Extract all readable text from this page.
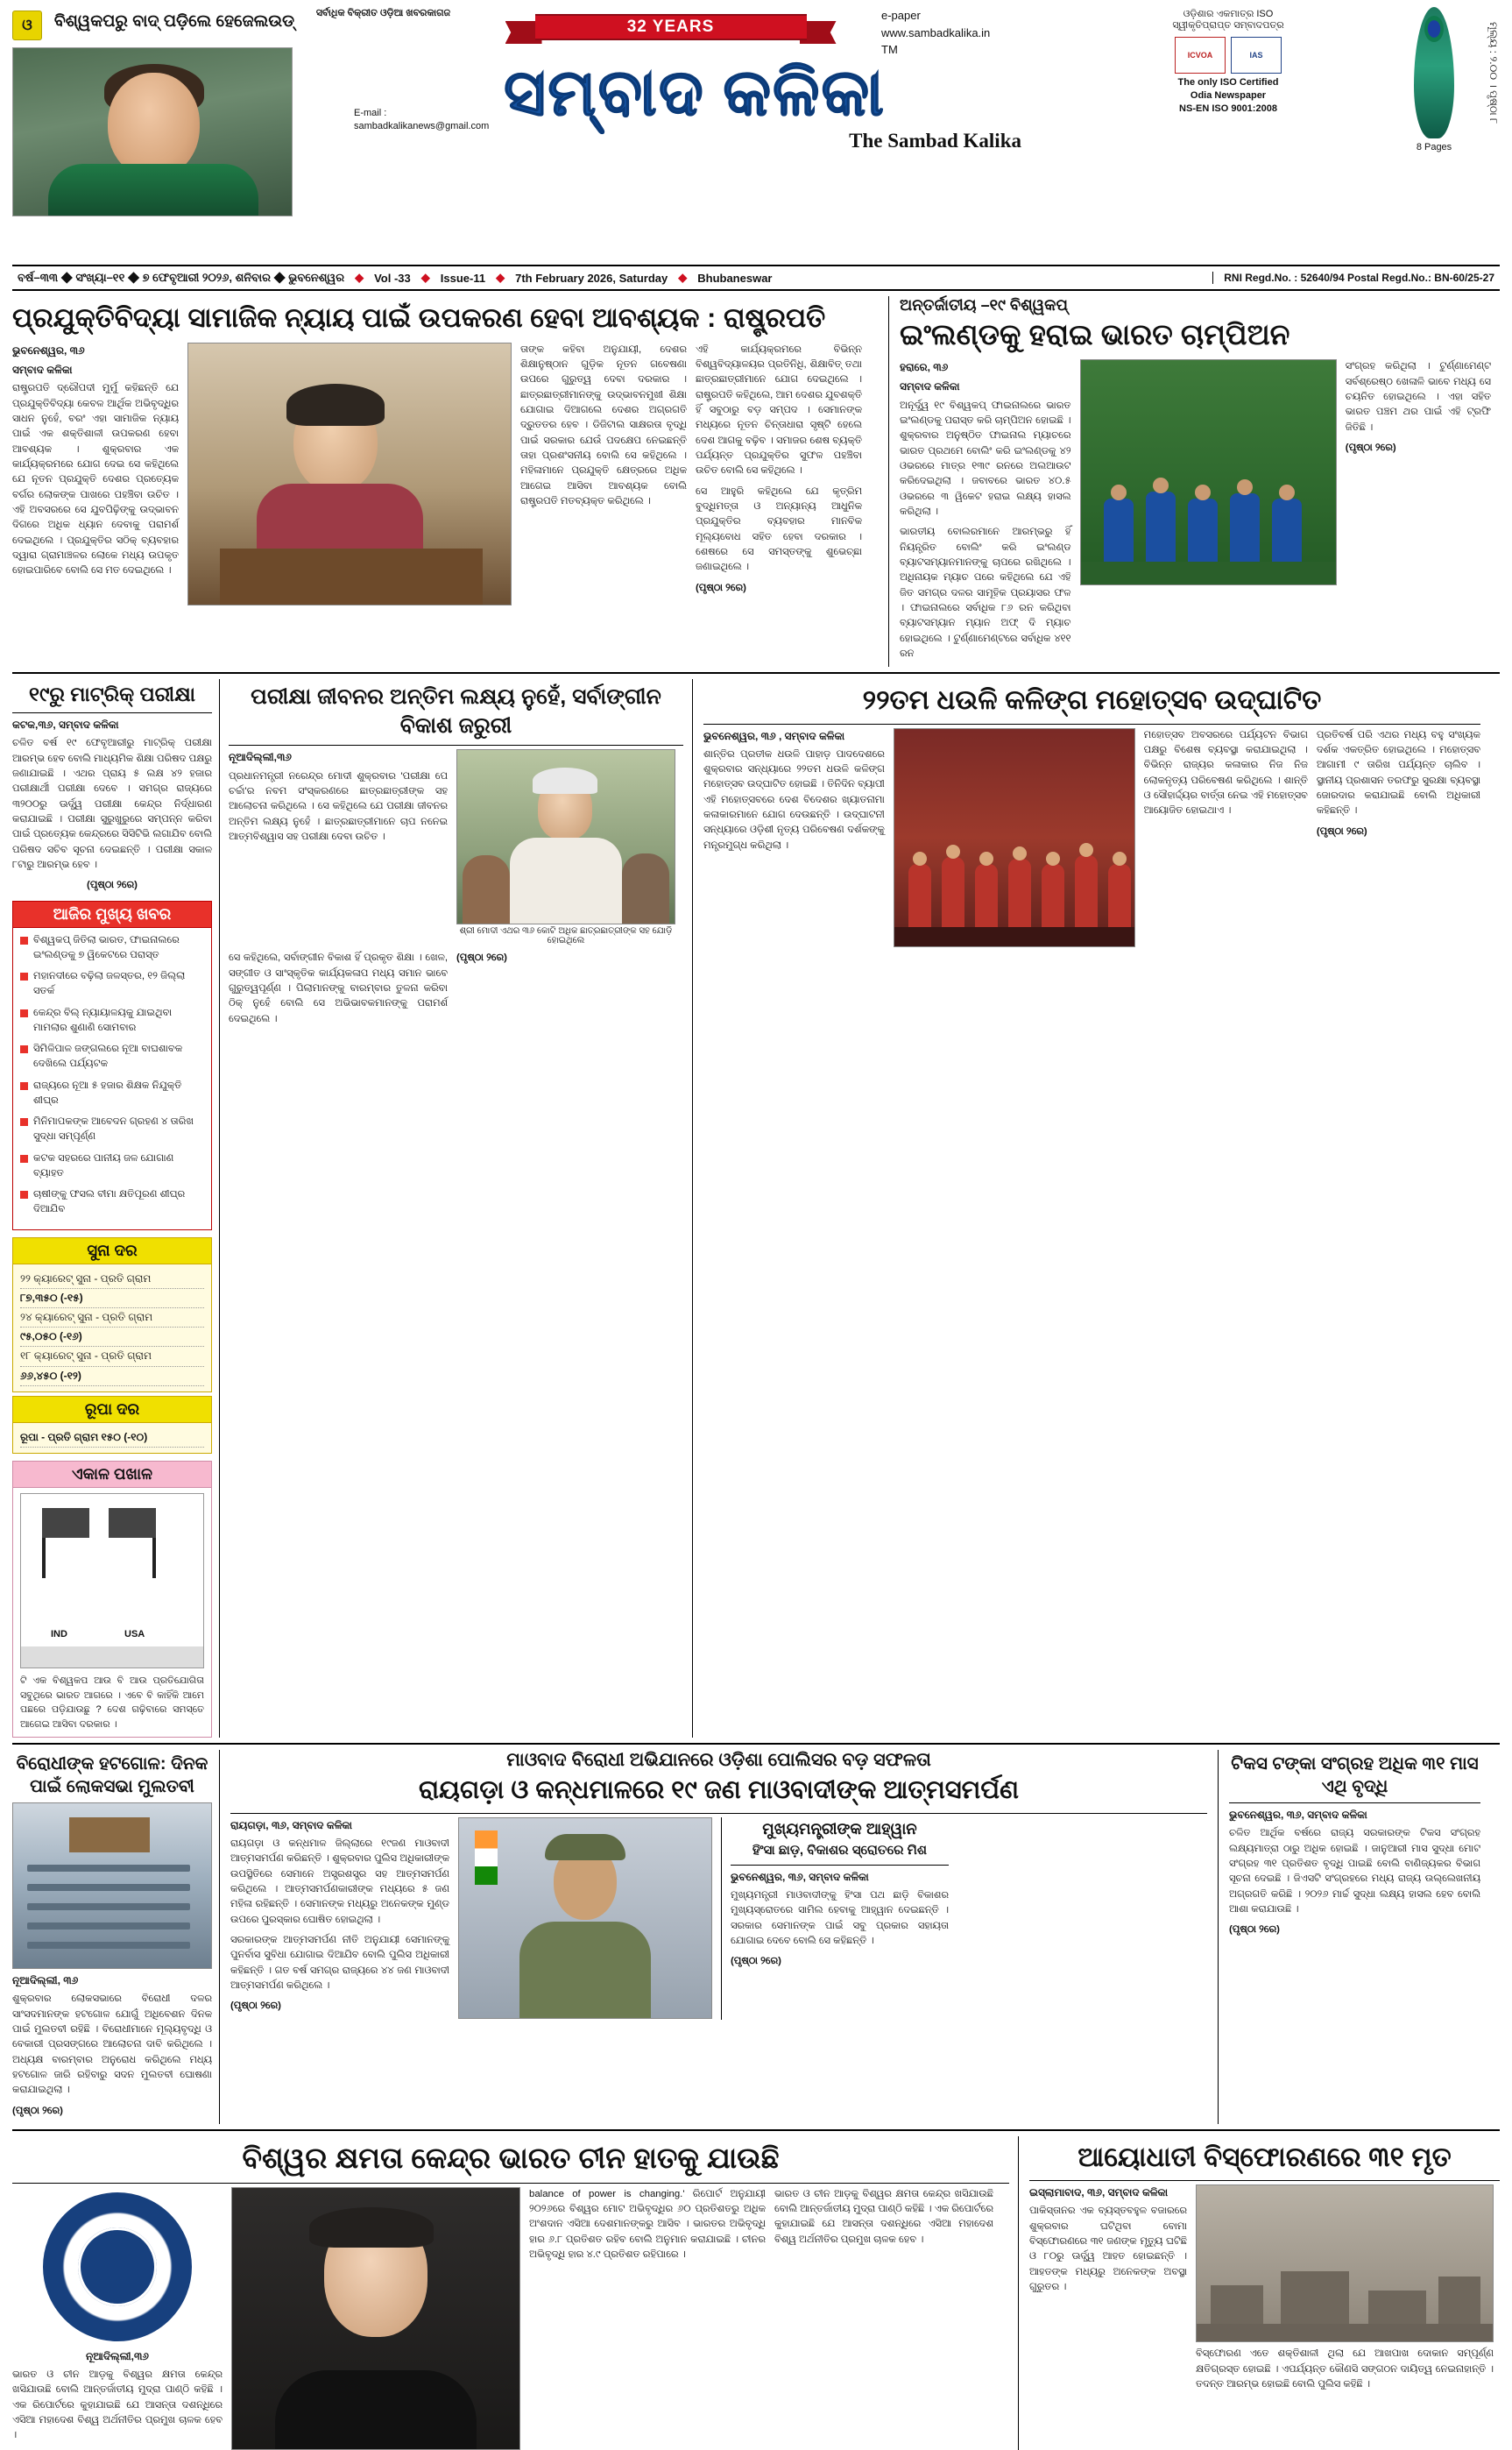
ଓ	ବିଶ୍ୱକପରୁ ବାଦ୍ ପଡ଼ିଲେ ହେଜେଲଉଡ୍	ସର୍ବାଧିକ ବିକ୍ରୀତ ଓଡ଼ିଆ ଖବରକାଗଜ
32 YEARS
e-paper
www.sambadkalika.in
TM
ସମ୍ବାଦ କଳିକା
E-mail :
sambadkalikanews@gmail.com
The Sambad Kalika
ଓଡ଼ିଶାର ଏକମାତ୍ର ISO
ସ୍ୱୀକୃତିପ୍ରାପ୍ତ ସମ୍ବାଦପତ୍ର
ICVOA	IAS
The only ISO Certified
Odia Newspaper
NS-EN ISO 9001:2008	ମୂଲ୍ୟ : ୨.୦୦ । ପୃଷ୍ଠା ୮
8 Pages
ବର୍ଷ–୩୩ ◆ ସଂଖ୍ୟା–୧୧ ◆ ୭ ଫେବୃଆରୀ ୨୦୨୬, ଶନିବାର ◆ ଭୁବନେଶ୍ୱର ◆ Vol -33 ◆ Issue-11 ◆ 7th February 2026, Saturday ◆ Bhubaneswar	RNI Regd.No. : 52640/94 Postal Regd.No.: BN-60/25-27
ପ୍ରଯୁକ୍ତିବିଦ୍ୟା ସାମାଜିକ ନ୍ୟାୟ ପାଇଁ ଉପକରଣ ହେବା ଆବଶ୍ୟକ : ରାଷ୍ଟ୍ରପତି
ଭୁବନେଶ୍ୱର, ୩୬
ସମ୍ବାଦ କଳିକା

ରାଷ୍ଟ୍ରପତି ଦ୍ରୌପଦୀ ମୁର୍ମୁ କହିଛନ୍ତି ଯେ ପ୍ରଯୁକ୍ତିବିଦ୍ୟା କେବଳ ଆର୍ଥିକ ଅଭିବୃଦ୍ଧିର ସାଧନ ନୁହେଁ, ବରଂ ଏହା ସାମାଜିକ ନ୍ୟାୟ ପାଇଁ ଏକ ଶକ୍ତିଶାଳୀ ଉପକରଣ ହେବା ଆବଶ୍ୟକ । ଶୁକ୍ରବାର ଏକ କାର୍ଯ୍ୟକ୍ରମରେ ଯୋଗ ଦେଇ ସେ କହିଥିଲେ ଯେ ନୂତନ ପ୍ରଯୁକ୍ତି ଦେଶର ପ୍ରତ୍ୟେକ ବର୍ଗର ଲୋକଙ୍କ ପାଖରେ ପହଞ୍ଚିବା ଉଚିତ । ଏହି ଅବସରରେ ସେ ଯୁବପିଢ଼ିଙ୍କୁ ଉଦ୍ଭାବନ ଦିଗରେ ଅଧିକ ଧ୍ୟାନ ଦେବାକୁ ପରାମର୍ଶ ଦେଇଥିଲେ । ପ୍ରଯୁକ୍ତିର ସଠିକ୍ ବ୍ୟବହାର ଦ୍ୱାରା ଗ୍ରାମାଞ୍ଚଳର ଲୋକେ ମଧ୍ୟ ଉପକୃତ ହୋଇପାରିବେ ବୋଲି ସେ ମତ ଦେଇଥିଲେ ।

ତାଙ୍କ କହିବା ଅନୁଯାୟୀ, ଦେଶର ଶିକ୍ଷାନୁଷ୍ଠାନ ଗୁଡ଼ିକ ନୂତନ ଗବେଷଣା ଉପରେ ଗୁରୁତ୍ୱ ଦେବା ଦରକାର । ଛାତ୍ରଛାତ୍ରୀମାନଙ୍କୁ ଉଦ୍ଭାବନମୁଖୀ ଶିକ୍ଷା ଯୋଗାଇ ଦିଆଗଲେ ଦେଶର ଅଗ୍ରଗତି ଦ୍ରୁତତର ହେବ । ଡିଜିଟାଲ ସାକ୍ଷରତା ବୃଦ୍ଧି ପାଇଁ ସରକାର ଯେଉଁ ପଦକ୍ଷେପ ନେଇଛନ୍ତି ତାହା ପ୍ରଶଂସନୀୟ ବୋଲି ସେ କହିଥିଲେ । ମହିଳାମାନେ ପ୍ରଯୁକ୍ତି କ୍ଷେତ୍ରରେ ଅଧିକ ଆଗେଇ ଆସିବା ଆବଶ୍ୟକ ବୋଲି ରାଷ୍ଟ୍ରପତି ମତବ୍ୟକ୍ତ କରିଥିଲେ ।

ଏହି କାର୍ଯ୍ୟକ୍ରମରେ ବିଭିନ୍ନ ବିଶ୍ୱବିଦ୍ୟାଳୟର ପ୍ରତିନିଧି, ଶିକ୍ଷାବିତ୍ ତଥା ଛାତ୍ରଛାତ୍ରୀମାନେ ଯୋଗ ଦେଇଥିଲେ । ରାଷ୍ଟ୍ରପତି କହିଥିଲେ, ଆମ ଦେଶର ଯୁବଶକ୍ତି ହିଁ ସବୁଠାରୁ ବଡ଼ ସମ୍ପଦ । ସେମାନଙ୍କ ମଧ୍ୟରେ ନୂତନ ଚିନ୍ତାଧାରା ସୃଷ୍ଟି ହେଲେ ଦେଶ ଆଗକୁ ବଢ଼ିବ । ସମାଜର ଶେଷ ବ୍ୟକ୍ତି ପର୍ଯ୍ୟନ୍ତ ପ୍ରଯୁକ୍ତିର ସୁଫଳ ପହଞ୍ଚିବା ଉଚିତ ବୋଲି ସେ କହିଥିଲେ ।

ସେ ଆହୁରି କହିଥିଲେ ଯେ କୃତ୍ରିମ ବୁଦ୍ଧିମତ୍ତା ଓ ଅନ୍ୟାନ୍ୟ ଆଧୁନିକ ପ୍ରଯୁକ୍ତିର ବ୍ୟବହାର ମାନବିକ ମୂଲ୍ୟବୋଧ ସହିତ ହେବା ଦରକାର । ଶେଷରେ ସେ ସମସ୍ତଙ୍କୁ ଶୁଭେଚ୍ଛା ଜଣାଇଥିଲେ ।

(ପୃଷ୍ଠା ୨ରେ)

ଅନ୍ତର୍ଜାତୀୟ –୧୯ ବିଶ୍ୱକପ୍
ଇଂଲଣ୍ଡକୁ ହରାଇ ଭାରତ ଚାମ୍ପିଅନ
ହରାରେ, ୩୬
ସମ୍ବାଦ କଳିକା

ଅନୂର୍ଦ୍ଧ୍ୱ ୧୯ ବିଶ୍ୱକପ୍ ଫାଇନାଲରେ ଭାରତ ଇଂଲଣ୍ଡକୁ ପରାସ୍ତ କରି ଚାମ୍ପିଅନ ହୋଇଛି । ଶୁକ୍ରବାର ଅନୁଷ୍ଠିତ ଫାଇନାଲ ମ୍ୟାଚରେ ଭାରତ ପ୍ରଥମେ ବୋଲିଂ କରି ଇଂଲଣ୍ଡକୁ ୪୨ ଓଭରରେ ମାତ୍ର ୧୩୯ ରନରେ ଅଲଆଉଟ କରିଦେଇଥିଲା । ଜବାବରେ ଭାରତ ୪୦.୫ ଓଭରରେ ୩ ୱିକେଟ ହରାଇ ଲକ୍ଷ୍ୟ ହାସଲ କରିଥିଲା ।

ଭାରତୀୟ ବୋଲରମାନେ ଆରମ୍ଭରୁ ହିଁ ନିୟନ୍ତ୍ରିତ ବୋଲିଂ କରି ଇଂଲଣ୍ଡ ବ୍ୟାଟସମ୍ୟାନମାନଙ୍କୁ ଚାପରେ ରଖିଥିଲେ । ଅଧିନାୟକ ମ୍ୟାଚ ପରେ କହିଥିଲେ ଯେ ଏହି ଜିତ ସମଗ୍ର ଦଳର ସାମୂହିକ ପ୍ରୟାସର ଫଳ । ଫାଇନାଲରେ ସର୍ବାଧିକ ୮୬ ରନ କରିଥିବା ବ୍ୟାଟସମ୍ୟାନ ମ୍ୟାନ ଅଫ୍ ଦି ମ୍ୟାଚ ହୋଇଥିଲେ । ଟୁର୍ଣ୍ଣାମେଣ୍ଟରେ ସର୍ବାଧିକ ୪୧୧ ରନ

ସଂଗ୍ରହ କରିଥିଲା । ଟୁର୍ଣ୍ଣାମେଣ୍ଟ ସର୍ବଶ୍ରେଷ୍ଠ ଖେଳାଳି ଭାବେ ମଧ୍ୟ ସେ ଚୟନିତ ହୋଇଥିଲେ । ଏହା ସହିତ ଭାରତ ପଞ୍ଚମ ଥର ପାଇଁ ଏହି ଟ୍ରଫି ଜିତିଛି ।

(ପୃଷ୍ଠା ୨ରେ)

୧୯ରୁ ମାଟ୍ରିକ୍ ପରୀକ୍ଷା
କଟକ,୩୬, ସମ୍ବାଦ କଳିକା

ଚଳିତ ବର୍ଷ ୧୯ ଫେବୃଆରୀରୁ ମାଟ୍ରିକ୍ ପରୀକ୍ଷା ଆରମ୍ଭ ହେବ ବୋଲି ମାଧ୍ୟମିକ ଶିକ୍ଷା ପରିଷଦ ପକ୍ଷରୁ ଜଣାଯାଇଛି । ଏଥର ପ୍ରାୟ ୫ ଲକ୍ଷ ୪୨ ହଜାର ପରୀକ୍ଷାର୍ଥୀ ପରୀକ୍ଷା ଦେବେ । ସମଗ୍ର ରାଜ୍ୟରେ ୩୨୦୦ରୁ ଊର୍ଦ୍ଧ୍ୱ ପରୀକ୍ଷା କେନ୍ଦ୍ର ନିର୍ଦ୍ଧାରଣ କରାଯାଇଛି । ପରୀକ୍ଷା ସୁରୁଖୁରୁରେ ସମ୍ପନ୍ନ କରିବା ପାଇଁ ପ୍ରତ୍ୟେକ କେନ୍ଦ୍ରରେ ସିସିଟିଭି ଲଗାଯିବ ବୋଲି ପରିଷଦ ସଚିବ ସୂଚନା ଦେଇଛନ୍ତି । ପରୀକ୍ଷା ସକାଳ ୮ଟାରୁ ଆରମ୍ଭ ହେବ ।

(ପୃଷ୍ଠା ୨ରେ)

ଆଜିର ମୁଖ୍ୟ ଖବର
ବିଶ୍ୱକପ୍ ଜିତିଲା ଭାରତ, ଫାଇନାଲରେ ଇଂଲଣ୍ଡକୁ ୭ ୱିକେଟରେ ପରାସ୍ତ
ମହାନଦୀରେ ବଢ଼ିଲା ଜଳସ୍ତର, ୧୨ ଜିଲ୍ଲା ସତର୍କ
କେନ୍ଦ୍ର ବିଲ୍ ନ୍ୟାୟାଳୟକୁ ଯାଇଥିବା ମାମଲାର ଶୁଣାଣି ସୋମବାର
ସିମିଳିପାଳ ଜଙ୍ଗଲରେ ନୂଆ ବାଘଶାବକ ଦେଖିଲେ ପର୍ଯ୍ୟଟକ
ରାଜ୍ୟରେ ନୂଆ ୫ ହଜାର ଶିକ୍ଷକ ନିଯୁକ୍ତି ଶୀଘ୍ର
ମିନିମାପକଙ୍କ ଆବେଦନ ଗ୍ରହଣ ୪ ତାରିଖ ସୁଦ୍ଧା ସମ୍ପୂର୍ଣ୍ଣ
କଟକ ସହରରେ ପାନୀୟ ଜଳ ଯୋଗାଣ ବ୍ୟାହତ
ଚାଷୀଙ୍କୁ ଫସଲ ବୀମା କ୍ଷତିପୂରଣ ଶୀଘ୍ର ଦିଆଯିବ
ସୁନା ଦର
୨୨ କ୍ୟାରେଟ୍ ସୁନା - ପ୍ରତି ଗ୍ରାମ
୮୭,୩୫୦ (-୧୫)
୨୪ କ୍ୟାରେଟ୍ ସୁନା - ପ୍ରତି ଗ୍ରାମ
୯୫,୦୫୦ (-୧୬)
୧୮ କ୍ୟାରେଟ୍ ସୁନା - ପ୍ରତି ଗ୍ରାମ
୬୬,୪୫୦ (-୧୨)
ରୂପା ଦର
ରୂପା - ପ୍ରତି ଗ୍ରାମ ୧୫୦ (-୧୦)
ଏକାଳ ପଖାଳ
IND	USA
ଟି ଏକ ବିଶ୍ୱକପ ଆଉ ବି ଆଉ ପ୍ରତିଯୋଗିତା ସବୁଥିରେ ଭାରତ ଆଗରେ । ଏବେ ବି କାହିଁକି ଆମେ ପଛରେ ପଡ଼ିଯାଉଛୁ ? ଦେଶ ଗଢ଼ିବାରେ ସମସ୍ତେ ଆଗେଇ ଆସିବା ଦରକାର ।
ପରୀକ୍ଷା ଜୀବନର ଅନ୍ତିମ ଲକ୍ଷ୍ୟ ନୁହେଁ, ସର୍ବାଙ୍ଗୀନ ବିକାଶ ଜରୁରୀ
ନୂଆଦିଲ୍ଲୀ,୩୬

ପ୍ରଧାନମନ୍ତ୍ରୀ ନରେନ୍ଦ୍ର ମୋଦୀ ଶୁକ୍ରବାର 'ପରୀକ୍ଷା ପେ ଚର୍ଚ୍ଚା'ର ନବମ ସଂସ୍କରଣରେ ଛାତ୍ରଛାତ୍ରୀଙ୍କ ସହ ଆଲୋଚନା କରିଥିଲେ । ସେ କହିଥିଲେ ଯେ ପରୀକ୍ଷା ଜୀବନର ଅନ୍ତିମ ଲକ୍ଷ୍ୟ ନୁହେଁ । ଛାତ୍ରଛାତ୍ରୀମାନେ ଚାପ ନନେଇ ଆତ୍ମବିଶ୍ୱାସ ସହ ପରୀକ୍ଷା ଦେବା ଉଚିତ ।

ଶ୍ରୀ ମୋଦୀ ଏଥର ୩୬ କୋଟି ଅଧିକ ଛାତ୍ରଛାତ୍ରୀଙ୍କ ସହ ଯୋଡ଼ି ହୋଇଥିଲେ

ସେ କହିଥିଲେ, ସର୍ବାଙ୍ଗୀନ ବିକାଶ ହିଁ ପ୍ରକୃତ ଶିକ୍ଷା । ଖେଳ, ସଙ୍ଗୀତ ଓ ସାଂସ୍କୃତିକ କାର୍ଯ୍ୟକଳାପ ମଧ୍ୟ ସମାନ ଭାବେ ଗୁରୁତ୍ୱପୂର୍ଣ୍ଣ । ପିଲାମାନଙ୍କୁ ବାରମ୍ବାର ତୁଳନା କରିବା ଠିକ୍ ନୁହେଁ ବୋଲି ସେ ଅଭିଭାବକମାନଙ୍କୁ ପରାମର୍ଶ ଦେଇଥିଲେ ।

(ପୃଷ୍ଠା ୨ରେ)

୨୨ତମ ଧଉଳି କଳିଙ୍ଗ ମହୋତ୍ସବ ଉଦ୍‌ଘାଟିତ
ଭୁବନେଶ୍ୱର, ୩୬ , ସମ୍ବାଦ କଳିକା

ଶାନ୍ତିର ପ୍ରତୀକ ଧଉଳି ପାହାଡ଼ ପାଦଦେଶରେ ଶୁକ୍ରବାର ସନ୍ଧ୍ୟାରେ ୨୨ତମ ଧଉଳି କଳିଙ୍ଗ ମହୋତ୍ସବ ଉଦ୍‌ଘାଟିତ ହୋଇଛି । ତିନିଦିନ ବ୍ୟାପୀ ଏହି ମହୋତ୍ସବରେ ଦେଶ ବିଦେଶର ଖ୍ୟାତନାମା କଳାକାରମାନେ ଯୋଗ ଦେଉଛନ୍ତି । ଉଦ୍‌ଘାଟନୀ ସନ୍ଧ୍ୟାରେ ଓଡ଼ିଶୀ ନୃତ୍ୟ ପରିବେଷଣ ଦର୍ଶକଙ୍କୁ ମନ୍ତ୍ରମୁଗ୍ଧ କରିଥିଲା ।

ମହୋତ୍ସବ ଅବସରରେ ପର୍ଯ୍ୟଟନ ବିଭାଗ ପକ୍ଷରୁ ବିଶେଷ ବ୍ୟବସ୍ଥା କରାଯାଇଥିଲା । ବିଭିନ୍ନ ରାଜ୍ୟର କଳାକାର ନିଜ ନିଜ ଲୋକନୃତ୍ୟ ପରିବେଷଣ କରିଥିଲେ । ଶାନ୍ତି ଓ ସୌହାର୍ଦ୍ଦ୍ୟର ବାର୍ତ୍ତା ନେଇ ଏହି ମହୋତ୍ସବ ଆୟୋଜିତ ହୋଇଥାଏ ।

ପ୍ରତିବର୍ଷ ପରି ଏଥର ମଧ୍ୟ ବହୁ ସଂଖ୍ୟକ ଦର୍ଶକ ଏକତ୍ରିତ ହୋଇଥିଲେ । ମହୋତ୍ସବ ଆଗାମୀ ୯ ତାରିଖ ପର୍ଯ୍ୟନ୍ତ ଚାଲିବ । ସ୍ଥାନୀୟ ପ୍ରଶାସନ ତରଫରୁ ସୁରକ୍ଷା ବ୍ୟବସ୍ଥା ଜୋରଦାର କରାଯାଇଛି ବୋଲି ଅଧିକାରୀ କହିଛନ୍ତି ।

(ପୃଷ୍ଠା ୨ରେ)

ବିରୋଧୀଙ୍କ ହଟଗୋଳ: ଦିନକ ପାଇଁ ଲୋକସଭା ମୁଲତବୀ
ନୂଆଦିଲ୍ଲୀ, ୩୬

ଶୁକ୍ରବାର ଲୋକସଭାରେ ବିରୋଧୀ ଦଳର ସାଂସଦମାନଙ୍କ ହଟଗୋଳ ଯୋଗୁଁ ଅଧିବେଶନ ଦିନକ ପାଇଁ ମୁଲତବୀ ରହିଛି । ବିରୋଧୀମାନେ ମୂଲ୍ୟବୃଦ୍ଧି ଓ ବେକାରୀ ପ୍ରସଙ୍ଗରେ ଆଲୋଚନା ଦାବି କରିଥିଲେ । ଅଧ୍ୟକ୍ଷ ବାରମ୍ବାର ଅନୁରୋଧ କରିଥିଲେ ମଧ୍ୟ ହଟଗୋଳ ଜାରି ରହିବାରୁ ସଦନ ମୁଲତବୀ ଘୋଷଣା କରାଯାଇଥିଲା ।

(ପୃଷ୍ଠା ୨ରେ)

ମାଓବାଦ ବିରୋଧୀ ଅଭିଯାନରେ ଓଡ଼ିଶା ପୋଲିସର ବଡ଼ ସଫଳତା
ରାୟଗଡ଼ା ଓ କନ୍ଧମାଳରେ ୧୯ ଜଣ ମାଓବାଦୀଙ୍କ ଆତ୍ମସମର୍ପଣ
ରାୟଗଡ଼ା, ୩୬, ସମ୍ବାଦ କଳିକା

ରାୟଗଡ଼ା ଓ କନ୍ଧମାଳ ଜିଲ୍ଲାରେ ୧୯ଜଣ ମାଓବାଦୀ ଆତ୍ମସମର୍ପଣ କରିଛନ୍ତି । ଶୁକ୍ରବାର ପୁଲିସ ଅଧିକାରୀଙ୍କ ଉପସ୍ଥିତିରେ ସେମାନେ ଅସ୍ତ୍ରଶସ୍ତ୍ର ସହ ଆତ୍ମସମର୍ପଣ କରିଥିଲେ । ଆତ୍ମସମର୍ପଣକାରୀଙ୍କ ମଧ୍ୟରେ ୫ ଜଣ ମହିଳା ରହିଛନ୍ତି । ସେମାନଙ୍କ ମଧ୍ୟରୁ ଅନେକଙ୍କ ମୁଣ୍ଡ ଉପରେ ପୁରସ୍କାର ଘୋଷିତ ହୋଇଥିଲା ।

ସରକାରଙ୍କ ଆତ୍ମସମର୍ପଣ ନୀତି ଅନୁଯାୟୀ ସେମାନଙ୍କୁ ପୁନର୍ବାସ ସୁବିଧା ଯୋଗାଇ ଦିଆଯିବ ବୋଲି ପୁଲିସ ଅଧିକାରୀ କହିଛନ୍ତି । ଗତ ବର୍ଷ ସମଗ୍ର ରାଜ୍ୟରେ ୪୪ ଜଣ ମାଓବାଦୀ ଆତ୍ମସମର୍ପଣ କରିଥିଲେ ।

(ପୃଷ୍ଠା ୨ରେ)

ମୁଖ୍ୟମନ୍ତ୍ରୀଙ୍କ ଆହ୍ୱାନ
ହିଂସା ଛାଡ଼, ବିକାଶର ସ୍ରୋତରେ ମିଶ
ଭୁବନେଶ୍ୱର, ୩୬, ସମ୍ବାଦ କଳିକା

ମୁଖ୍ୟମନ୍ତ୍ରୀ ମାଓବାଦୀଙ୍କୁ ହିଂସା ପଥ ଛାଡ଼ି ବିକାଶର ମୁଖ୍ୟସ୍ରୋତରେ ସାମିଲ ହେବାକୁ ଆହ୍ୱାନ ଦେଇଛନ୍ତି । ସରକାର ସେମାନଙ୍କ ପାଇଁ ସବୁ ପ୍ରକାର ସହାୟତା ଯୋଗାଇ ଦେବେ ବୋଲି ସେ କହିଛନ୍ତି ।

(ପୃଷ୍ଠା ୨ରେ)

ଟିକସ ଟଙ୍କା ସଂଗ୍ରହ ଅଧିକ ୩୧ ମାସ ଏଥି ବୃଦ୍ଧି
ଭୁବନେଶ୍ୱର, ୩୬, ସମ୍ବାଦ କଳିକା

ଚଳିତ ଆର୍ଥିକ ବର୍ଷରେ ରାଜ୍ୟ ସରକାରଙ୍କ ଟିକସ ସଂଗ୍ରହ ଲକ୍ଷ୍ୟମାତ୍ରା ଠାରୁ ଅଧିକ ହୋଇଛି । ଜାନୁଆରୀ ମାସ ସୁଦ୍ଧା ମୋଟ ସଂଗ୍ରହ ୩୧ ପ୍ରତିଶତ ବୃଦ୍ଧି ପାଇଛି ବୋଲି ବାଣିଜ୍ୟକର ବିଭାଗ ସୂଚନା ଦେଇଛି । ଜିଏସଟି ସଂଗ୍ରହରେ ମଧ୍ୟ ରାଜ୍ୟ ଉଲ୍ଲେଖନୀୟ ଅଗ୍ରଗତି କରିଛି । ୨୦୨୬ ମାର୍ଚ୍ଚ ସୁଦ୍ଧା ଲକ୍ଷ୍ୟ ହାସଲ ହେବ ବୋଲି ଆଶା କରାଯାଉଛି ।

(ପୃଷ୍ଠା ୨ରେ)

ବିଶ୍ୱର କ୍ଷମତା କେନ୍ଦ୍ର ଭାରତ ଚୀନ ହାତକୁ ଯାଉଛି
ନୂଆଦିଲ୍ଲୀ,୩୬

ଭାରତ ଓ ଚୀନ ଆଡ଼କୁ ବିଶ୍ୱର କ୍ଷମତା କେନ୍ଦ୍ର ଖସିଯାଉଛି ବୋଲି ଆନ୍ତର୍ଜାତୀୟ ମୁଦ୍ରା ପାଣ୍ଠି କହିଛି । ଏକ ରିପୋର୍ଟରେ କୁହାଯାଇଛି ଯେ ଆସନ୍ତା ଦଶନ୍ଧିରେ ଏସିଆ ମହାଦେଶ ବିଶ୍ୱ ଅର୍ଥନୀତିର ପ୍ରମୁଖ ଚାଳକ ହେବ ।

balance of power is changing.' ରିପୋର୍ଟ ଅନୁଯାୟୀ ୨୦୨୬ରେ ବିଶ୍ୱର ମୋଟ ଅଭିବୃଦ୍ଧିର ୬୦ ପ୍ରତିଶତରୁ ଅଧିକ ଅଂଶଦାନ ଏସିଆ ଦେଶମାନଙ୍କରୁ ଆସିବ । ଭାରତର ଅଭିବୃଦ୍ଧି ହାର ୬.୮ ପ୍ରତିଶତ ରହିବ ବୋଲି ଅନୁମାନ କରାଯାଇଛି । ଚୀନର ଅଭିବୃଦ୍ଧି ହାର ୪.୯ ପ୍ରତିଶତ ରହିପାରେ ।

ଭାରତ ଓ ଚୀନ ଆଡ଼କୁ ବିଶ୍ୱର କ୍ଷମତା କେନ୍ଦ୍ର ଖସିଯାଉଛି ବୋଲି ଆନ୍ତର୍ଜାତୀୟ ମୁଦ୍ରା ପାଣ୍ଠି କହିଛି । ଏକ ରିପୋର୍ଟରେ କୁହାଯାଇଛି ଯେ ଆସନ୍ତା ଦଶନ୍ଧିରେ ଏସିଆ ମହାଦେଶ ବିଶ୍ୱ ଅର୍ଥନୀତିର ପ୍ରମୁଖ ଚାଳକ ହେବ ।

ଆୟୋଧାତୀ ବିସ୍ଫୋରଣରେ ୩୧ ମୃତ
ଇସ୍ଲାମାବାଦ, ୩୬, ସମ୍ବାଦ କଳିକା

ପାକିସ୍ତାନର ଏକ ବ୍ୟସ୍ତବହୁଳ ବଜାରରେ ଶୁକ୍ରବାର ଘଟିଥିବା ବୋମା ବିସ୍ଫୋରଣରେ ୩୧ ଜଣଙ୍କ ମୃତ୍ୟୁ ଘଟିଛି ଓ ୮୦ରୁ ଊର୍ଦ୍ଧ୍ୱ ଆହତ ହୋଇଛନ୍ତି । ଆହତଙ୍କ ମଧ୍ୟରୁ ଅନେକଙ୍କ ଅବସ୍ଥା ଗୁରୁତର ।

ବିସ୍ଫୋରଣ ଏତେ ଶକ୍ତିଶାଳୀ ଥିଲା ଯେ ଆଖପାଖ ଦୋକାନ ସମ୍ପୂର୍ଣ୍ଣ କ୍ଷତିଗ୍ରସ୍ତ ହୋଇଛି । ଏପର୍ଯ୍ୟନ୍ତ କୌଣସି ସଙ୍ଗଠନ ଦାୟିତ୍ୱ ନେଇନାହାନ୍ତି । ତଦନ୍ତ ଆରମ୍ଭ ହୋଇଛି ବୋଲି ପୁଲିସ କହିଛି ।
